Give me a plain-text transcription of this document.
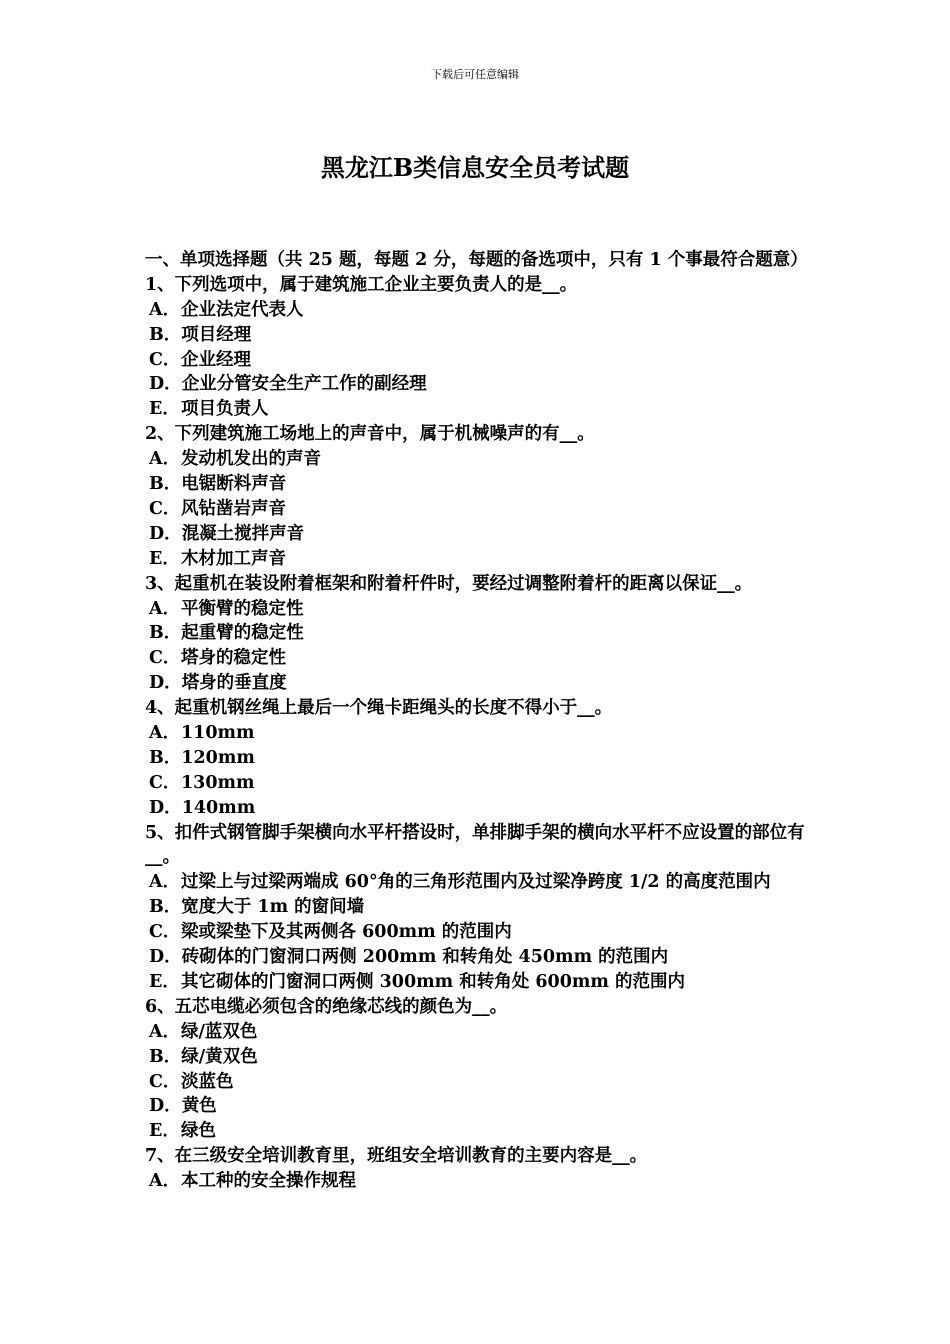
下载后可任意编辑
黑龙江B类信息安全员考试题
一、单项选择题（共 25 题，每题 2 分，每题的备选项中，只有 1 个事最符合题意）
1、下列选项中，属于建筑施工企业主要负责人的是__。
A．企业法定代表人
B．项目经理
C．企业经理
D．企业分管安全生产工作的副经理
E．项目负责人
2、下列建筑施工场地上的声音中，属于机械噪声的有__。
A．发动机发出的声音
B．电锯断料声音
C．风钻凿岩声音
D．混凝土搅拌声音
E．木材加工声音
3、起重机在装设附着框架和附着杆件时，要经过调整附着杆的距离以保证__。
A．平衡臂的稳定性
B．起重臂的稳定性
C．塔身的稳定性
D．塔身的垂直度
4、起重机钢丝绳上最后一个绳卡距绳头的长度不得小于__。
A．110mm
B．120mm
C．130mm
D．140mm
5、扣件式钢管脚手架横向水平杆搭设时，单排脚手架的横向水平杆不应设置的部位有__。
A．过梁上与过梁两端成 60°角的三角形范围内及过梁净跨度 1/2 的高度范围内
B．宽度大于 1m 的窗间墙
C．梁或梁垫下及其两侧各 600mm 的范围内
D．砖砌体的门窗洞口两侧 200mm 和转角处 450mm 的范围内
E．其它砌体的门窗洞口两侧 300mm 和转角处 600mm 的范围内
6、五芯电缆必须包含的绝缘芯线的颜色为__。
A．绿/蓝双色
B．绿/黄双色
C．淡蓝色
D．黄色
E．绿色
7、在三级安全培训教育里，班组安全培训教育的主要内容是__。
A．本工种的安全操作规程
